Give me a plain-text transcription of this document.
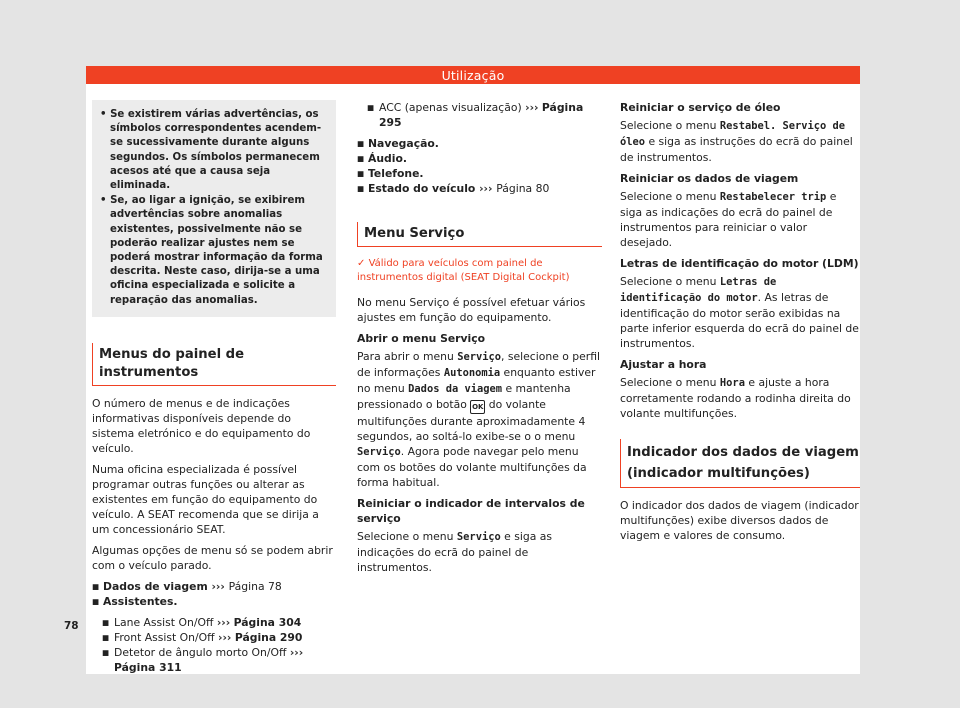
Utilização

• Se existirem várias advertências, os símbolos correspondentes acendem-se sucessivamente durante alguns segundos. Os símbolos permanecem acesos até que a causa seja eliminada.

• Se, ao ligar a ignição, se exibirem advertências sobre anomalias existentes, possivelmente não se poderão realizar ajustes nem se poderá mostrar informação da forma descrita. Neste caso, dirija-se a uma oficina especializada e solicite a reparação das anomalias.

Menus do painel de instrumentos

O número de menus e de indicações informativas disponíveis depende do sistema eletrónico e do equipamento do veículo.

Numa oficina especializada é possível programar outras funções ou alterar as existentes em função do equipamento do veículo. A SEAT recomenda que se dirija a um concessionário SEAT.

Algumas opções de menu só se podem abrir com o veículo parado.

■ Dados de viagem ››› Página 78
■ Assistentes.
■ Lane Assist On/Off ››› Página 304
■ Front Assist On/Off ››› Página 290
■ Detetor de ângulo morto On/Off ››› Página 311
■ ACC (apenas visualização) ››› Página 295
■ Navegação.
■ Áudio.
■ Telefone.
■ Estado do veículo ››› Página 80
Menu Serviço
✓ Válido para veículos com painel de instrumentos digital (SEAT Digital Cockpit)

No menu Serviço é possível efetuar vários ajustes em função do equipamento.

Abrir o menu Serviço

Para abrir o menu Serviço, selecione o perfil de informações Autonomia enquanto estiver no menu Dados da viagem e mantenha pressionado o botão OK do volante multifunções durante aproximadamente 4 segundos, ao soltá-lo exibe-se o o menu Serviço. Agora pode navegar pelo menu com os botões do volante multifunções da forma habitual.

Reiniciar o indicador de intervalos de serviço

Selecione o menu Serviço e siga as indicações do ecrã do painel de instrumentos.

Reiniciar o serviço de óleo

Selecione o menu Restabel. Serviço de óleo e siga as instruções do ecrã do painel de instrumentos.

Reiniciar os dados de viagem

Selecione o menu Restabelecer trip e siga as indicações do ecrã do painel de instrumentos para reiniciar o valor desejado.

Letras de identificação do motor (LDM)

Selecione o menu Letras de identificação do motor. As letras de identificação do motor serão exibidas na parte inferior esquerda do ecrã do painel de instrumentos.

Ajustar a hora

Selecione o menu Hora e ajuste a hora corretamente rodando a rodinha direita do volante multifunções.

Indicador dos dados de viagem (indicador multifunções)

O indicador dos dados de viagem (indicador multifunções) exibe diversos dados de viagem e valores de consumo.

78
